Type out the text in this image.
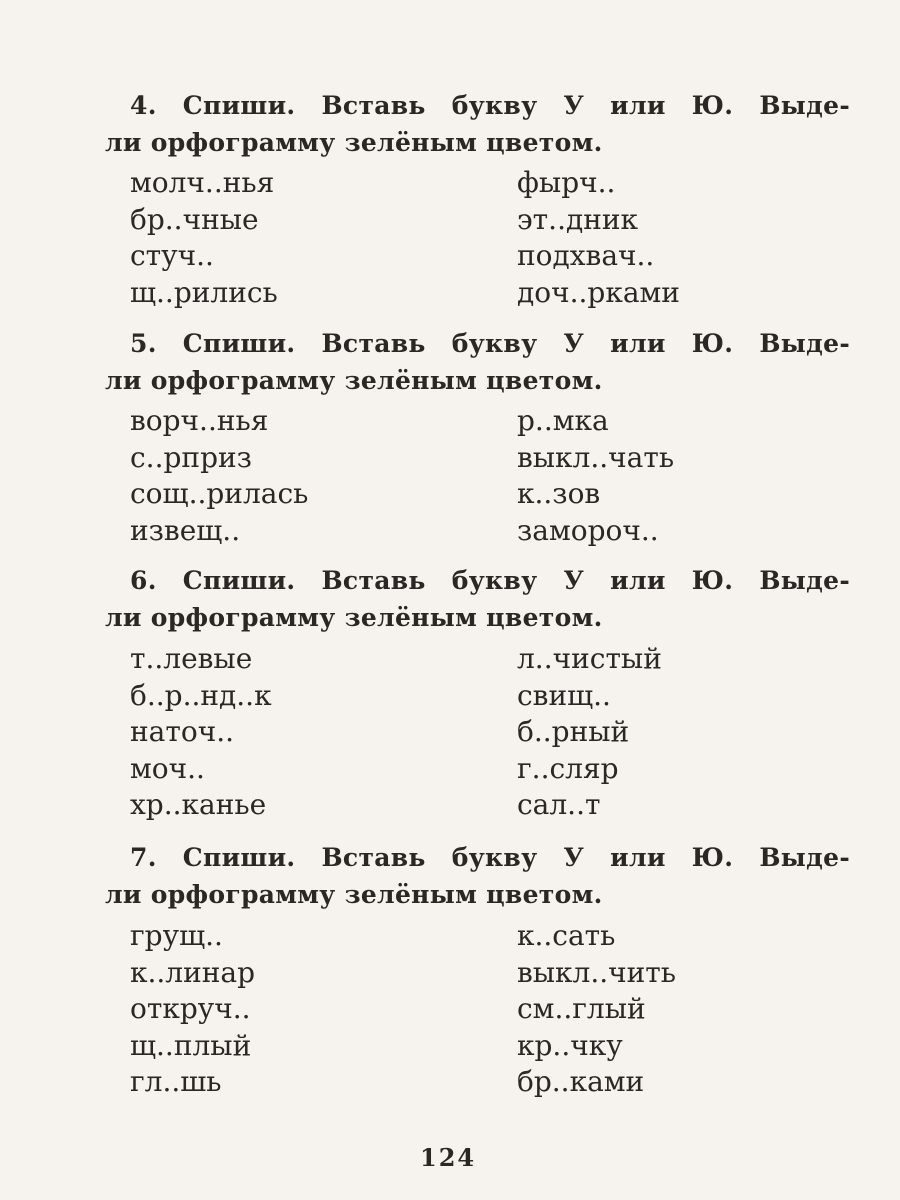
4. Спиши. Вставь букву У или Ю. Выде-
ли орфограмму зелёным цветом.
молч..нья	фырч..
бр..чные	эт..дник
стуч..	подхвач..
щ..рились	доч..рками
5. Спиши. Вставь букву У или Ю. Выде-
ли орфограмму зелёным цветом.
ворч..нья	р..мка
с..рприз	выкл..чать
сощ..рилась	к..зов
извещ..	замороч..
6. Спиши. Вставь букву У или Ю. Выде-
ли орфограмму зелёным цветом.
т..левые	л..чистый
б..р..нд..к	свищ..
наточ..	б..рный
моч..	г..сляр
хр..канье	сал..т
7. Спиши. Вставь букву У или Ю. Выде-
ли орфограмму зелёным цветом.
грущ..	к..сать
к..линар	выкл..чить
откруч..	см..глый
щ..плый	кр..чку
гл..шь	бр..ками
124
